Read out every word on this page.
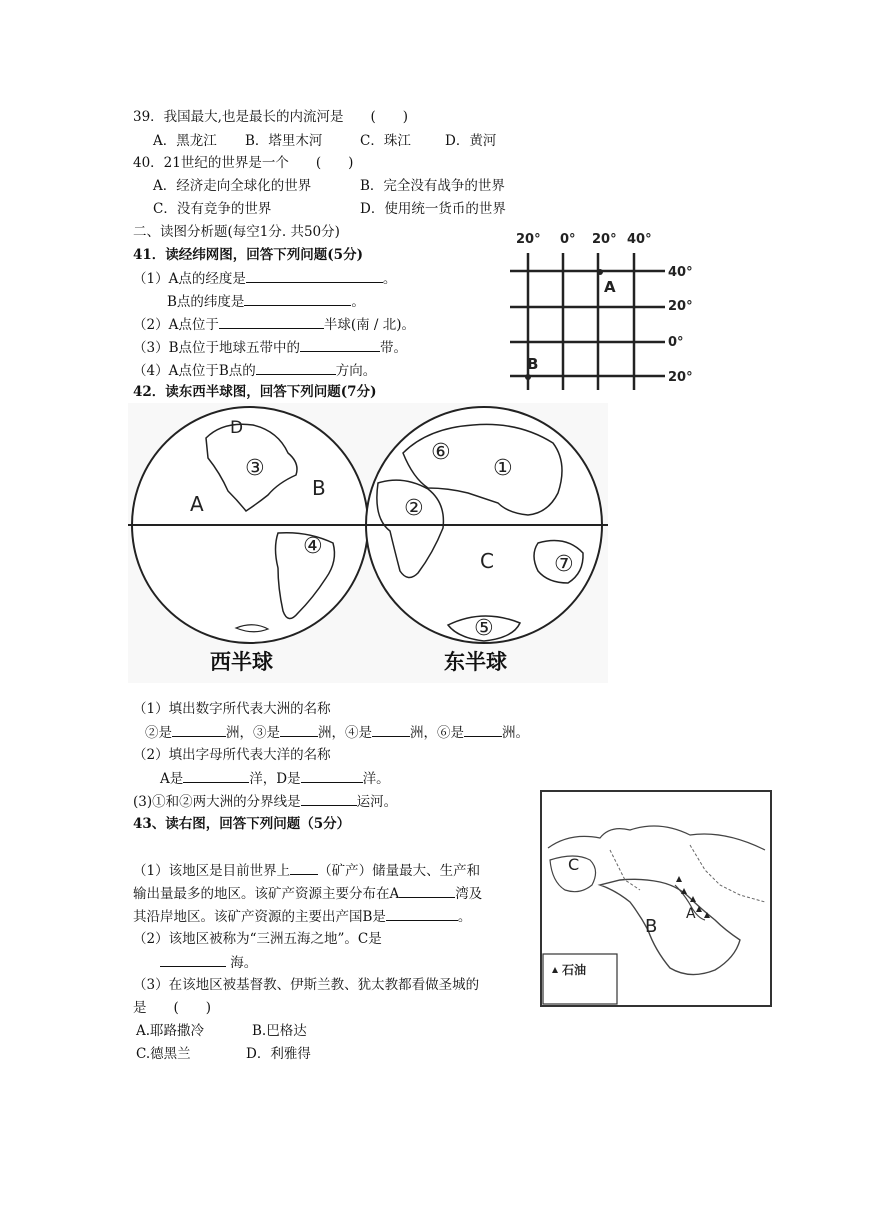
39．我国最大,也是最长的内流河是　　(　　)
A．黑龙江 B．塔里木河	C．珠江	D．黄河
40．21世纪的世界是一个　　(　　)
A．经济走向全球化的世界	B．完全没有战争的世界
C．没有竞争的世界	D．使用统一货币的世界
二、读图分析题(每空1分. 共50分)
41．读经纬网图，回答下列问题(5分)
（1）A点的经度是	。
B点的纬度是	。
（2）A点位于	半球(南 / 北)。
（3）B点位于地球五带中的	带。
（4）A点位于B点的	方向。
20° 0° 20° 40°
40°
20°
0°
20°
A
B
42．读东西半球图，回答下列问题(7分)
A
B
C
D
①
②
③
④
⑤
⑥
⑦
西半球	东半球
（1）填出数字所代表大洲的名称
②是	洲，③是	洲，④是	洲，⑥是	洲。
（2）填出字母所代表大洋的名称
A是	洋，D是	洋。
(3)①和②两大洲的分界线是	运河。
43、读右图，回答下列问题（5分）
（1）该地区是目前世界上 （矿产）储量最大、生产和
输出量最多的地区。该矿产资源主要分布在A	湾及
其沿岸地区。该矿产资源的主要出产国B是	。
（2）该地区被称为“三洲五海之地”。C是
海。
（3）在该地区被基督教、伊斯兰教、犹太教都看做圣城的
是　　(　　)
A.耶路撒冷	B.巴格达
C.德黑兰	D．利雅得
C
A
B
石油
